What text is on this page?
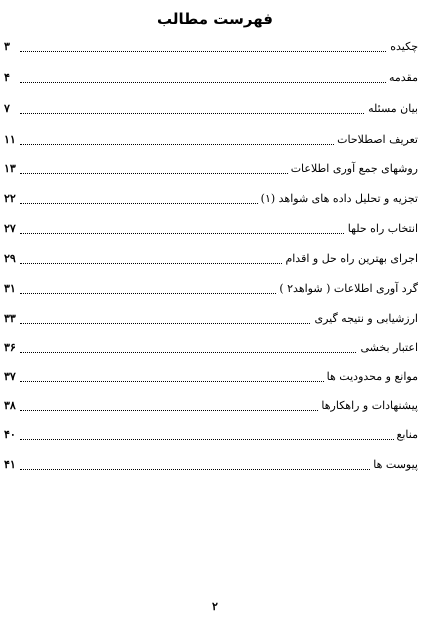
فهرست مطالب
چکیده
۳
مقدمه
۴
بیان مسئله
۷
تعریف اصطلاحات
۱۱
روشهای جمع آوری اطلاعات
۱۳
تجزیه و تحلیل داده های شواهد (۱)
۲۲
انتخاب راه حلها
۲۷
اجرای بهترین راه حل و اقدام
۲۹
گرد آوری اطلاعات ( شواهد۲ )
۳۱
ارزشیابی و نتیجه گیری
۳۳
اعتبار بخشی
۳۶
موانع و محدودیت ها
۳۷
پیشنهادات و راهکارها
۳۸
منابع
۴۰
پیوست ها
۴۱
۲
